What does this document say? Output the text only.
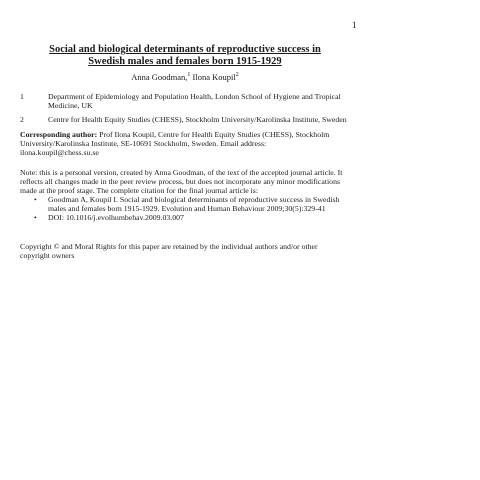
1
Social and biological determinants of reproductive success in Swedish males and females born 1915-1929
Anna Goodman,$^1$ Ilona Koupil$^2$
1	Department of Epidemiology and Population Health, London School of Hygiene and Tropical Medicine, UK
2	Centre for Health Equity Studies (CHESS), Stockholm University/Karolinska Institute, Sweden
Corresponding author: Prof Ilona Koupil, Centre for Health Equity Studies (CHESS), Stockholm University/Karolinska Institute, SE-10691 Stockholm, Sweden. Email address: ilona.koupil@chess.su.se
Note: this is a personal version, created by Anna Goodman, of the text of the accepted journal article. It reflects all changes made in the peer review process, but does not incorporate any minor modifications made at the proof stage. The complete citation for the final journal article is:
• Goodman A, Koupil I. Social and biological determinants of reproductive success in Swedish males and females born 1915-1929. Evolution and Human Behaviour 2009;30(5):329-41
• DOI: 10.1016/j.evolhumbehav.2009.03.007
Copyright © and Moral Rights for this paper are retained by the individual authors and/or other copyright owners
